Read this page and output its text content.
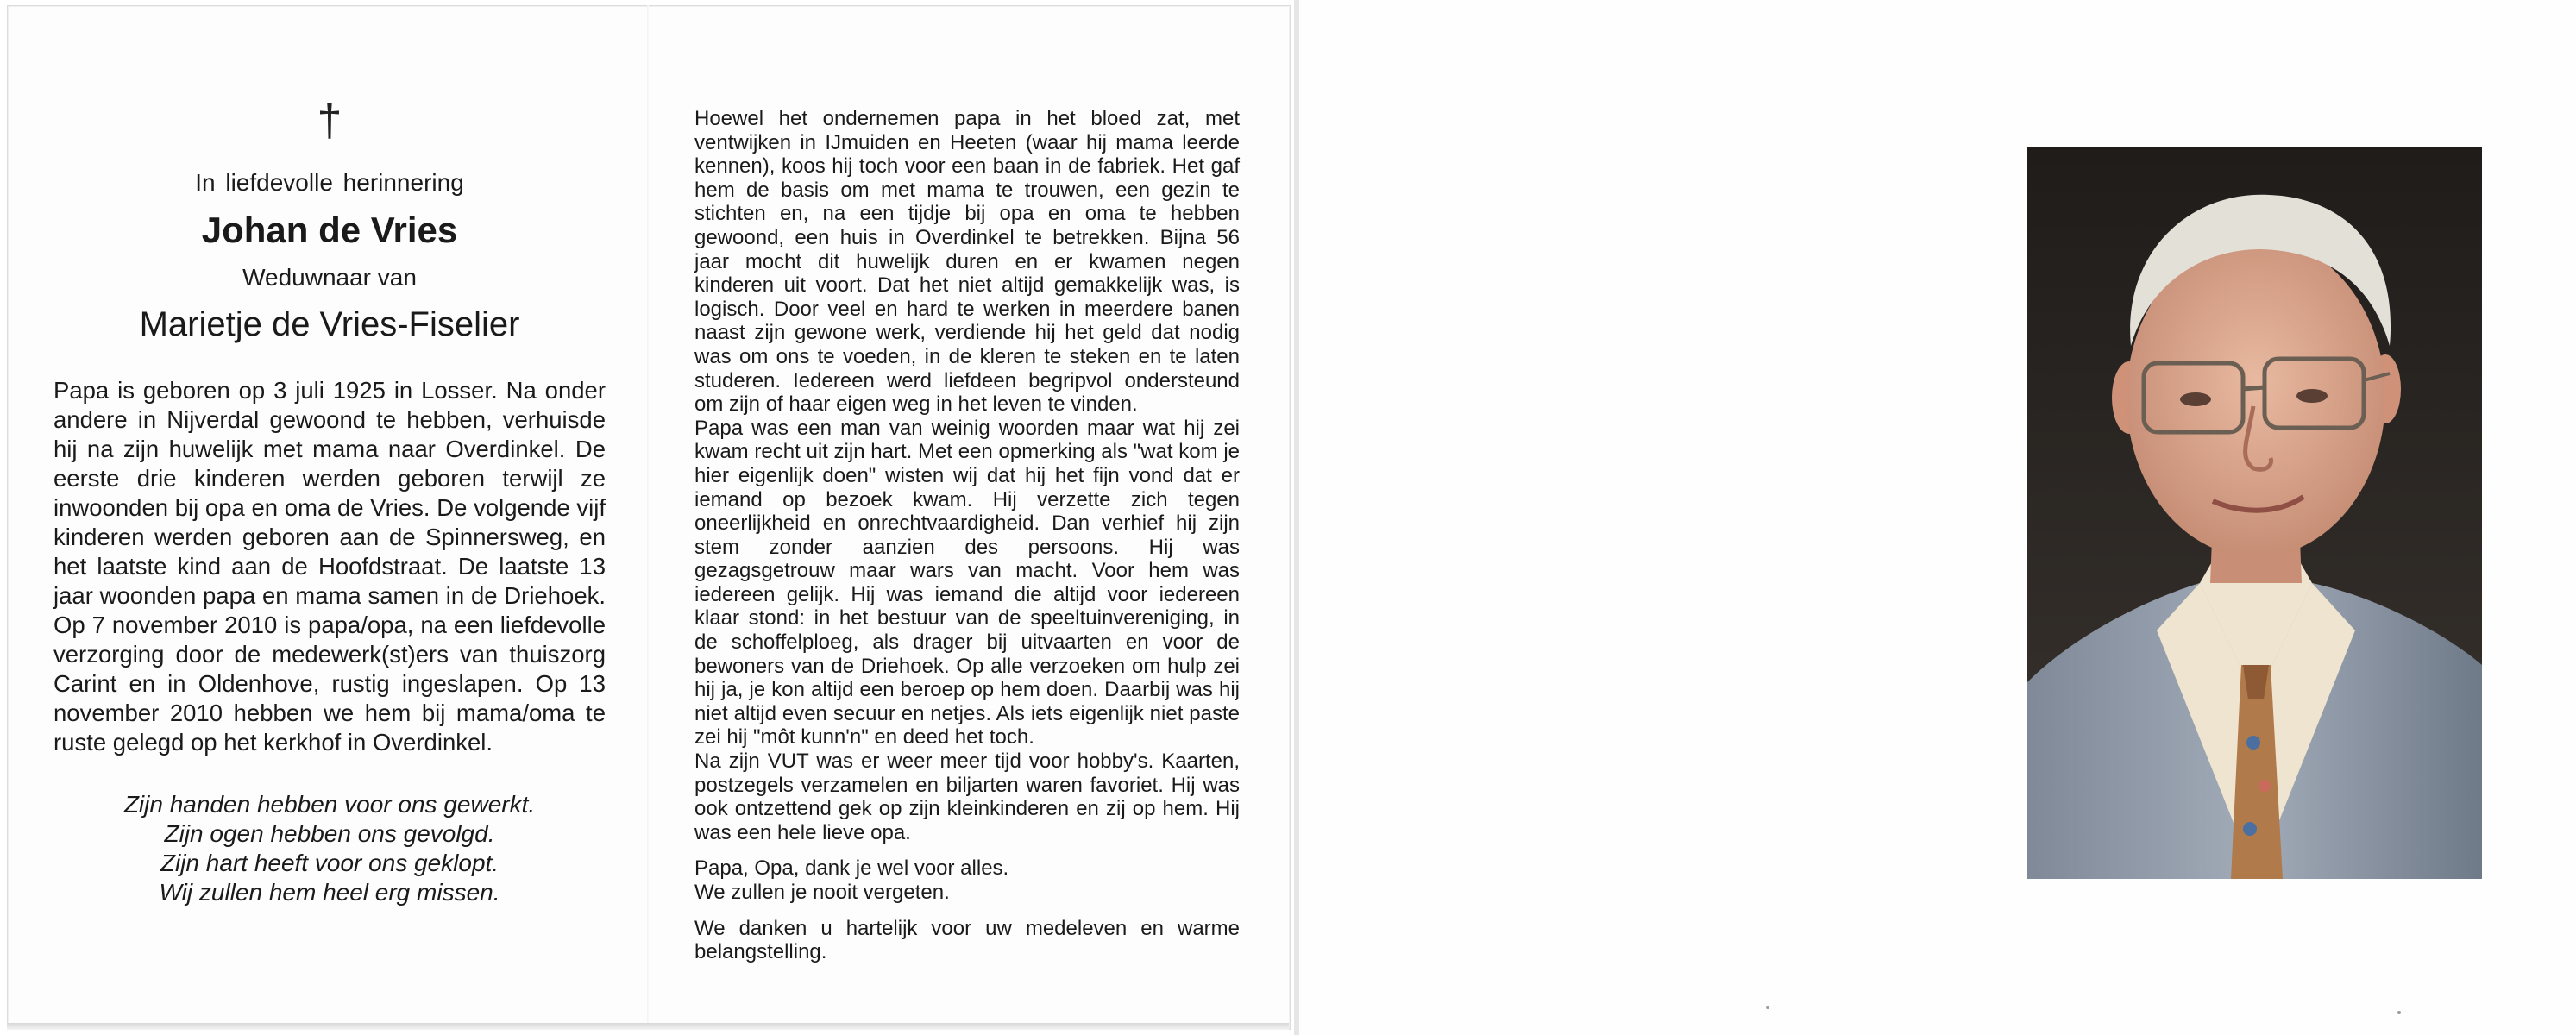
†
In liefdevolle herinnering
Johan de Vries
Weduwnaar van
Marietje de Vries-Fiselier
Papa is geboren op 3 juli 1925 in Losser. Na onder andere in Nijverdal gewoond te hebben, verhuisde hij na zijn huwelijk met mama naar Overdinkel. De eerste drie kinderen werden geboren terwijl ze inwoonden bij opa en oma de Vries. De volgende vijf kinderen werden geboren aan de Spinnersweg, en het laatste kind aan de Hoofdstraat. De laatste 13 jaar woonden papa en mama samen in de Driehoek. Op 7 november 2010 is papa/opa, na een liefdevolle verzorging door de medewerk(st)ers van thuiszorg Carint en in Oldenhove, rustig ingeslapen. Op 13 november 2010 hebben we hem bij mama/oma te ruste gelegd op het kerkhof in Overdinkel.
Zijn handen hebben voor ons gewerkt.
Zijn ogen hebben ons gevolgd.
Zijn hart heeft voor ons geklopt.
Wij zullen hem heel erg missen.

Hoewel het ondernemen papa in het bloed zat, met ventwijken in IJmuiden en Heeten (waar hij mama leerde kennen), koos hij toch voor een baan in de fabriek. Het gaf hem de basis om met mama te trouwen, een gezin te stichten en, na een tijdje bij opa en oma te hebben gewoond, een huis in Overdinkel te betrekken. Bijna 56 jaar mocht dit huwelijk duren en er kwamen negen kinderen uit voort. Dat het niet altijd gemakkelijk was, is logisch. Door veel en hard te werken in meerdere banen naast zijn gewone werk, verdiende hij het geld dat nodig was om ons te voeden, in de kleren te steken en te laten studeren. Iedereen werd liefdeen begripvol ondersteund om zijn of haar eigen weg in het leven te vinden.

Papa was een man van weinig woorden maar wat hij zei kwam recht uit zijn hart. Met een opmerking als "wat kom je hier eigenlijk doen" wisten wij dat hij het fijn vond dat er iemand op bezoek kwam. Hij verzette zich tegen oneerlijkheid en onrechtvaardigheid. Dan verhief hij zijn stem zonder aanzien des persoons. Hij was gezagsgetrouw maar wars van macht. Voor hem was iedereen gelijk. Hij was iemand die altijd voor iedereen klaar stond: in het bestuur van de speeltuinvereniging, in de schoffelploeg, als drager bij uitvaarten en voor de bewoners van de Driehoek. Op alle verzoeken om hulp zei hij ja, je kon altijd een beroep op hem doen. Daarbij was hij niet altijd even secuur en netjes. Als iets eigenlijk niet paste zei hij "môt kunn'n" en deed het toch.

Na zijn VUT was er weer meer tijd voor hobby's. Kaarten, postzegels verzamelen en biljarten waren favoriet. Hij was ook ontzettend gek op zijn kleinkinderen en zij op hem. Hij was een hele lieve opa.

Papa, Opa, dank je wel voor alles.

We zullen je nooit vergeten.

We danken u hartelijk voor uw medeleven en warme belangstelling.
